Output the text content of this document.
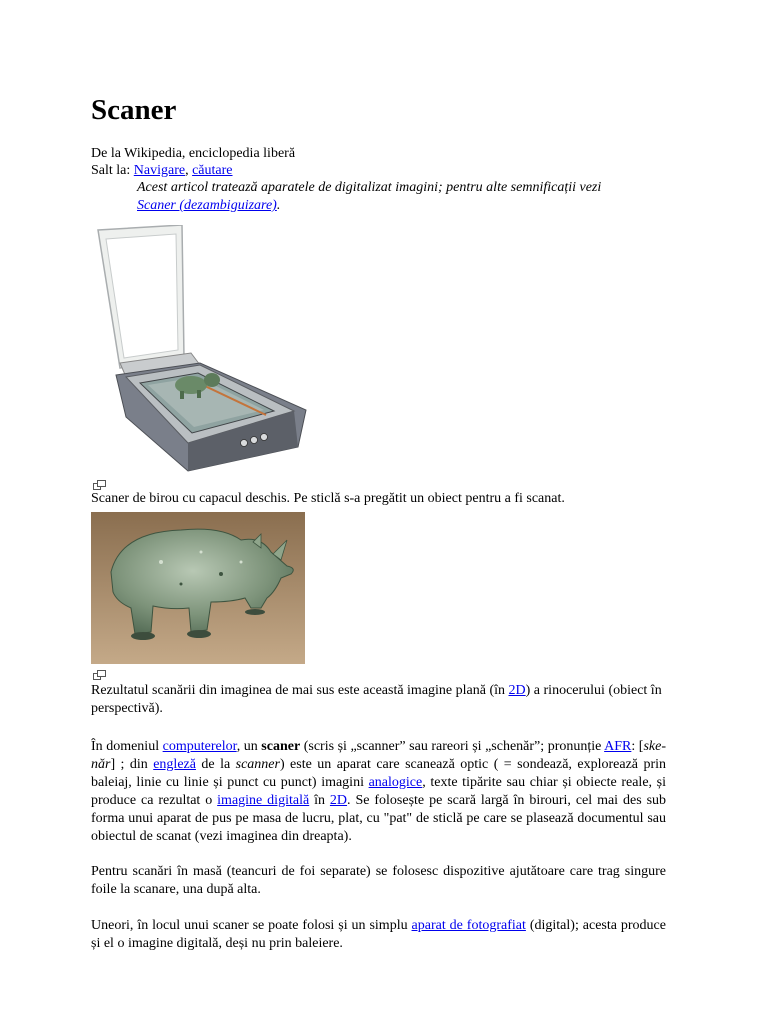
Scaner
De la Wikipedia, enciclopedia liberă
Salt la: Navigare, căutare
Acest articol tratează aparatele de digitalizat imagini; pentru alte semnificații vezi
Scaner (dezambiguizare).
Scaner de birou cu capacul deschis. Pe sticlă s-a pregătit un obiect pentru a fi scanat.
Rezultatul scanării din imaginea de mai sus este această imagine plană (în 2D) a rinocerului (obiect în perspectivă).
În domeniul computerelor, un scaner (scris și „scanner” sau rareori și „schenăr”; pronunție AFR: [ske-năr] ; din engleză de la scanner) este un aparat care scanează optic ( = sondează, explorează prin baleiaj, linie cu linie și punct cu punct) imagini analogice, texte tipărite sau chiar și obiecte reale, și produce ca rezultat o imagine digitală în 2D. Se folosește pe scară largă în birouri, cel mai des sub forma unui aparat de pus pe masa de lucru, plat, cu "pat" de sticlă pe care se plasează documentul sau obiectul de scanat (vezi imaginea din dreapta).
Pentru scanări în masă (teancuri de foi separate) se folosesc dispozitive ajutătoare care trag singure foile la scanare, una după alta.
Uneori, în locul unui scaner se poate folosi și un simplu aparat de fotografiat (digital); acesta produce și el o imagine digitală, deși nu prin baleiere.
